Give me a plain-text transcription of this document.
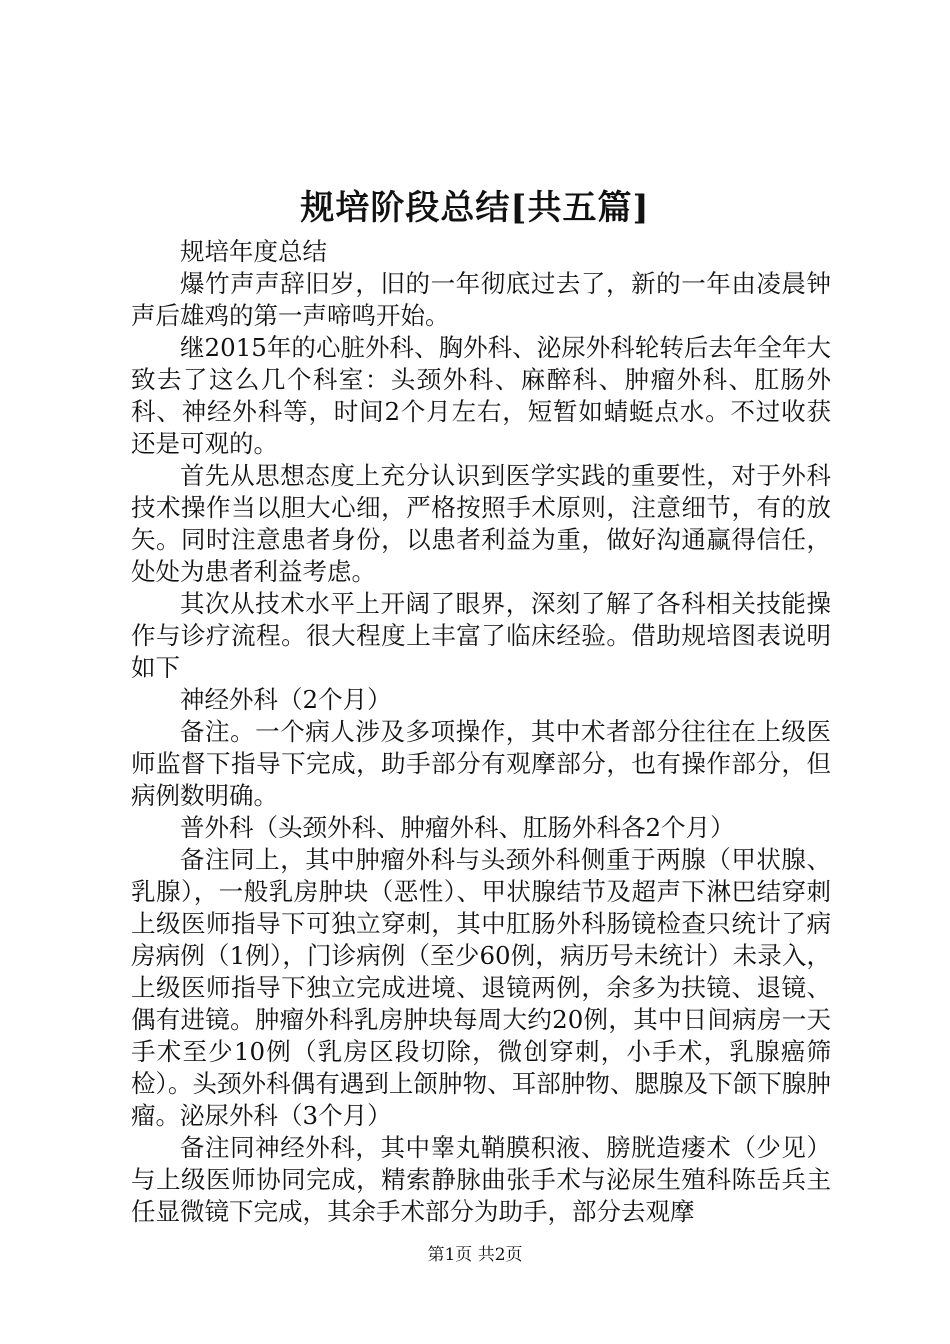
规培阶段总结[共五篇]

规培年度总结

爆竹声声辞旧岁，旧的一年彻底过去了，新的一年由凌晨钟声后雄鸡的第一声啼鸣开始。

继2015年的心脏外科、胸外科、泌尿外科轮转后去年全年大致去了这么几个科室：头颈外科、麻醉科、肿瘤外科、肛肠外科、神经外科等，时间2个月左右，短暂如蜻蜓点水。不过收获还是可观的。

首先从思想态度上充分认识到医学实践的重要性，对于外科技术操作当以胆大心细，严格按照手术原则，注意细节，有的放矢。同时注意患者身份，以患者利益为重，做好沟通赢得信任，处处为患者利益考虑。

其次从技术水平上开阔了眼界，深刻了解了各科相关技能操作与诊疗流程。很大程度上丰富了临床经验。借助规培图表说明如下

神经外科（2个月）

备注。一个病人涉及多项操作，其中术者部分往往在上级医师监督下指导下完成，助手部分有观摩部分，也有操作部分，但病例数明确。

普外科（头颈外科、肿瘤外科、肛肠外科各2个月）

备注同上，其中肿瘤外科与头颈外科侧重于两腺（甲状腺、乳腺），一般乳房肿块（恶性）、甲状腺结节及超声下淋巴结穿刺上级医师指导下可独立穿刺，其中肛肠外科肠镜检查只统计了病房病例（1例），门诊病例（至少60例，病历号未统计）未录入，上级医师指导下独立完成进境、退镜两例，余多为扶镜、退镜、偶有进镜。肿瘤外科乳房肿块每周大约20例，其中日间病房一天手术至少10例（乳房区段切除，微创穿刺，小手术，乳腺癌筛检）。头颈外科偶有遇到上颌肿物、耳部肿物、腮腺及下颌下腺肿瘤。泌尿外科（3个月）

备注同神经外科，其中睾丸鞘膜积液、膀胱造瘘术（少见）与上级医师协同完成，精索静脉曲张手术与泌尿生殖科陈岳兵主任显微镜下完成，其余手术部分为助手，部分去观摩

第1页 共2页
